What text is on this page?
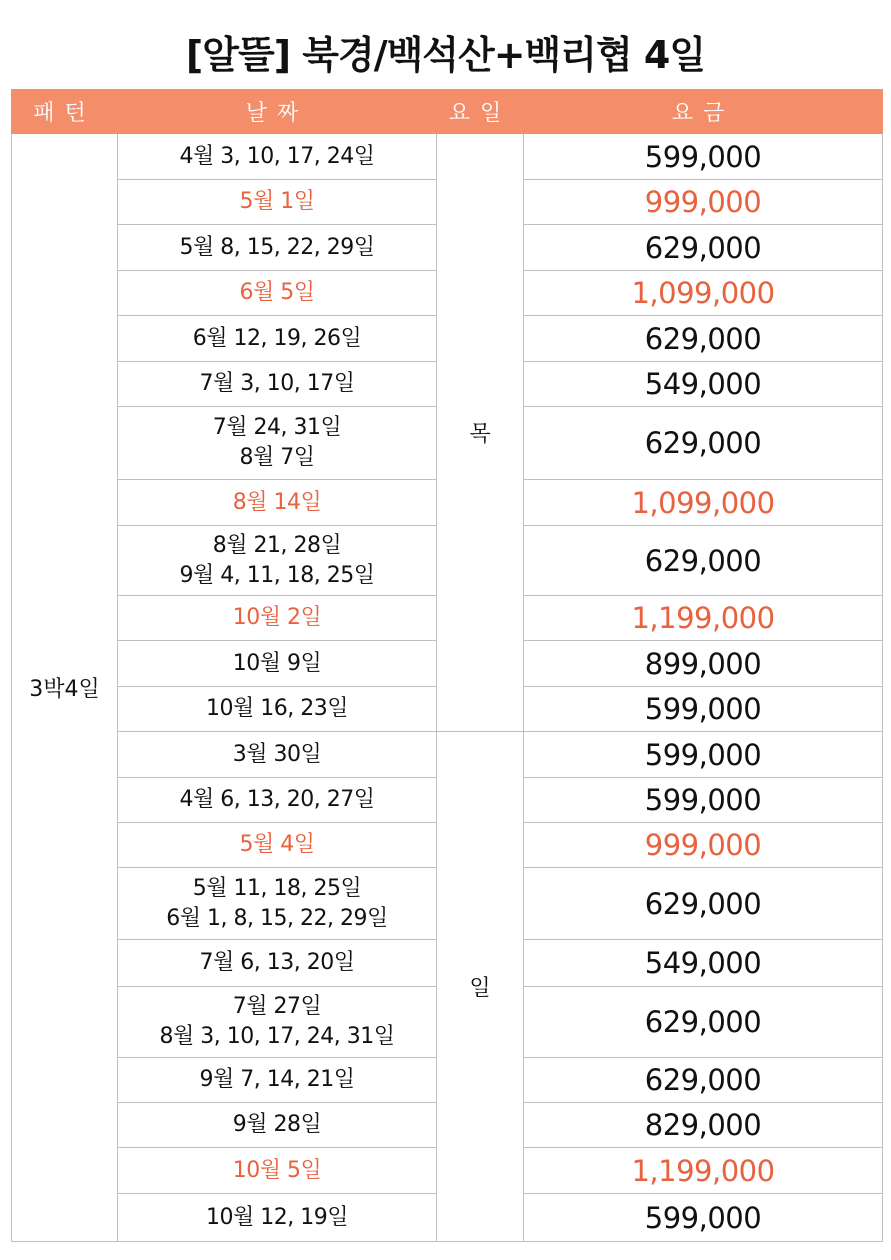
[알뜰] 북경/백석산+백리협 4일
패턴	날짜	요일	요금
3박4일	4월 3, 10, 17, 24일	목	599,000

	5월 1일		999,000

	5월 8, 15, 22, 29일		629,000

	6월 5일		1,099,000

	6월 12, 19, 26일		629,000

	7월 3, 10, 17일		549,000

	7월 24, 31일
8월 7일		629,000

	8월 14일		1,099,000

	8월 21, 28일
9월 4, 11, 18, 25일		629,000

	10월 2일		1,199,000

	10월 9일		899,000

	10월 16, 23일		599,000

	3월 30일	일	599,000

	4월 6, 13, 20, 27일		599,000

	5월 4일		999,000

	5월 11, 18, 25일
6월 1, 8, 15, 22, 29일		629,000

	7월 6, 13, 20일		549,000

	7월 27일
8월 3, 10, 17, 24, 31일		629,000

	9월 7, 14, 21일		629,000

	9월 28일		829,000

	10월 5일		1,199,000

	10월 12, 19일		599,000
